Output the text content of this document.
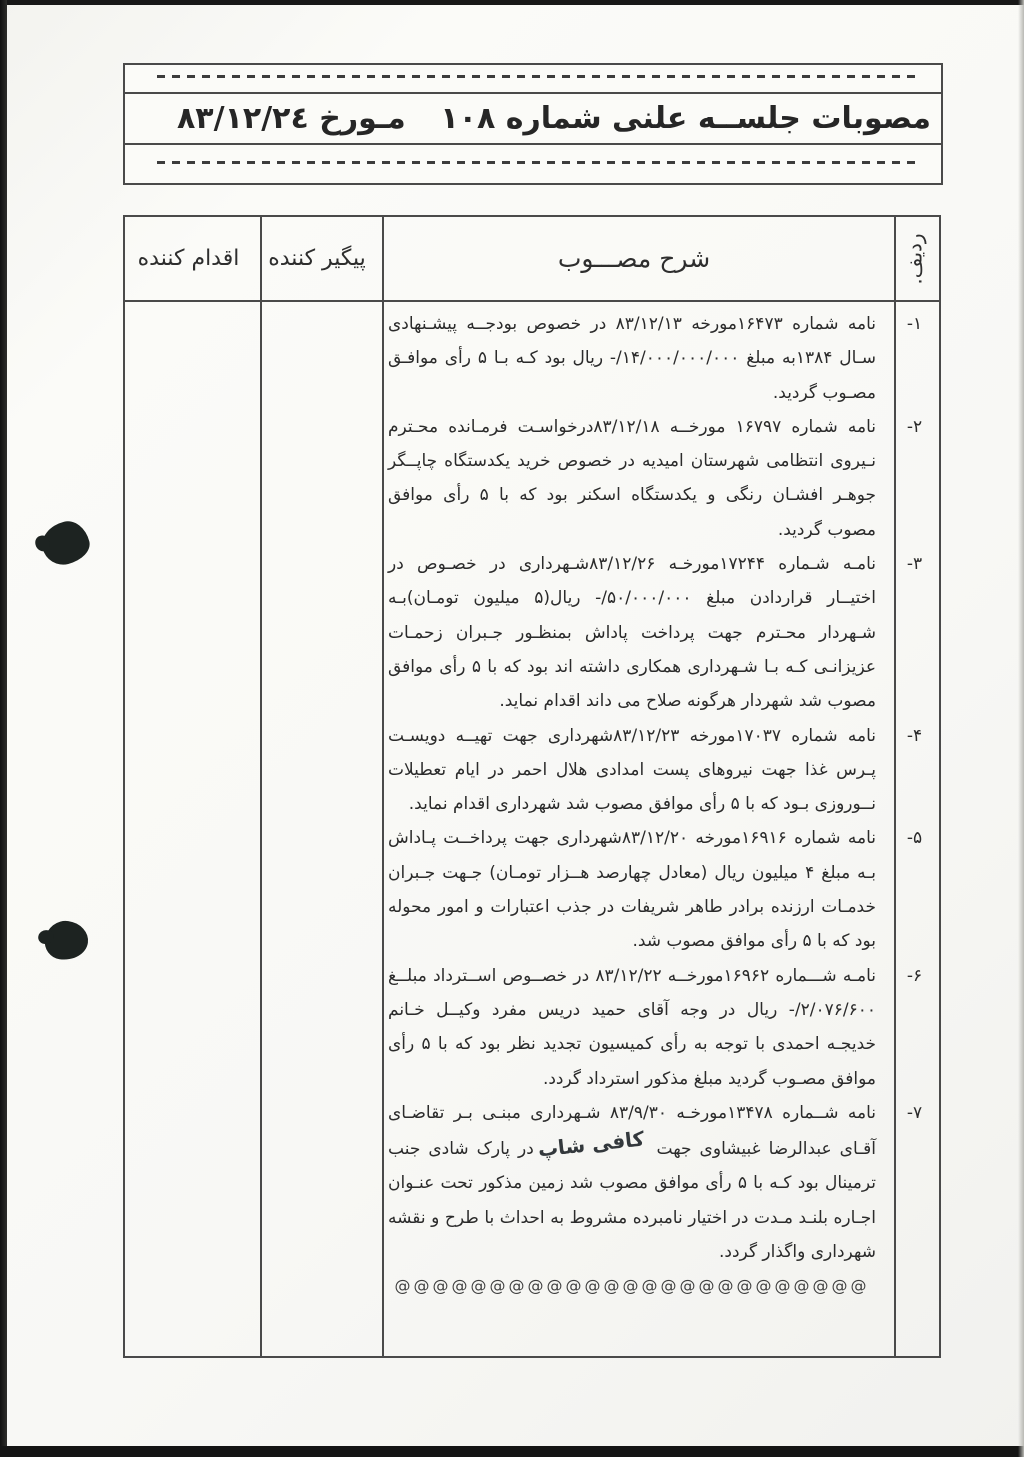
مصوبات جلســه علنی شماره ۱۰۸
مـورخ ۸۳/۱۲/۲٤
ردیف.
شرح مصـــوب
پیگیر کننده
اقدام کننده
۱-
نامه شماره ۱۶۴۷۳مورخه ۸۳/۱۲/۱۳ در خصوص بودجــه پیشـنهادی سـال ۱۳۸۴به مبلغ ۱۴/۰۰۰/۰۰۰/۰۰۰/- ریال بود کـه بـا ۵ رأی موافـق مصـوب گردید.
۲-
نامه شماره ۱۶۷۹۷ مورخــه ۸۳/۱۲/۱۸درخواسـت فرمـانده محـترم نـیروی انتظامی شهرستان امیدیه در خصوص خرید یکدستگاه چاپــگر جوهـر افشـان رنگی و یکدستگاه اسکنر بود که با ۵ رأی موافق مصوب گردید.
۳-
نامـه شـماره ۱۷۲۴۴مورخـه ۸۳/۱۲/۲۶شـهرداری در خصـوص در اختیــار قراردادن مبلغ ۵۰/۰۰۰/۰۰۰/- ریال(۵ میلیون تومـان)بـه شـهردار محـترم جهت پرداخت پاداش بمنظـور جـبران زحمـات عزیزانـی کـه بـا شـهرداری همکاری داشته اند بود که با ۵ رأی موافق مصوب شد شهردار هرگونه صلاح می داند اقدام نماید.
۴-
نامه شماره ۱۷۰۳۷مورخه ۸۳/۱۲/۲۳شهرداری جهت تهیــه دویسـت پـرس غذا جهت نیروهای پست امدادی هلال احمر در ایام تعطیلات نــوروزی بـود که با ۵ رأی موافق مصوب شد شهرداری اقدام نماید.
۵-
نامه شماره ۱۶۹۱۶مورخه ۸۳/۱۲/۲۰شهرداری جهت پرداخــت پـاداش بـه مبلغ ۴ میلیون ریال (معادل چهارصد هــزار تومـان) جـهت جـبران خدمـات ارزنده برادر طاهر شریفات در جذب اعتبارات و امور محوله بود که با ۵ رأی موافق مصوب شد.
۶-
نامـه شـــماره ۱۶۹۶۲مورخــه ۸۳/۱۲/۲۲ در خصــوص اســترداد مبلــغ ۲/۰۷۶/۶۰۰/- ریال در وجه آقای حمید دریس مفرد وکیــل خـانم خدیجـه احمدی با توجه به رأی کمیسیون تجدید نظر بود که با ۵ رأی موافق مصـوب گردید مبلغ مذکور استرداد گردد.
۷-
نامه شــماره ۱۳۴۷۸مورخـه ۸۳/۹/۳۰ شـهرداری مبنـی بـر تقاضـای آقـای عبدالرضا غبیشاوی جهت کافی شاپدر پارک شادی جنب ترمینال بود کـه با ۵ رأی موافق مصوب شد زمین مذکور تحت عنـوان اجـاره بلنـد مـدت در اختیار نامبرده مشروط به احداث با طرح و نقشه شهرداری واگذار گردد.
@@@@@@@@@@@@@@@@@@@@@@@@@
